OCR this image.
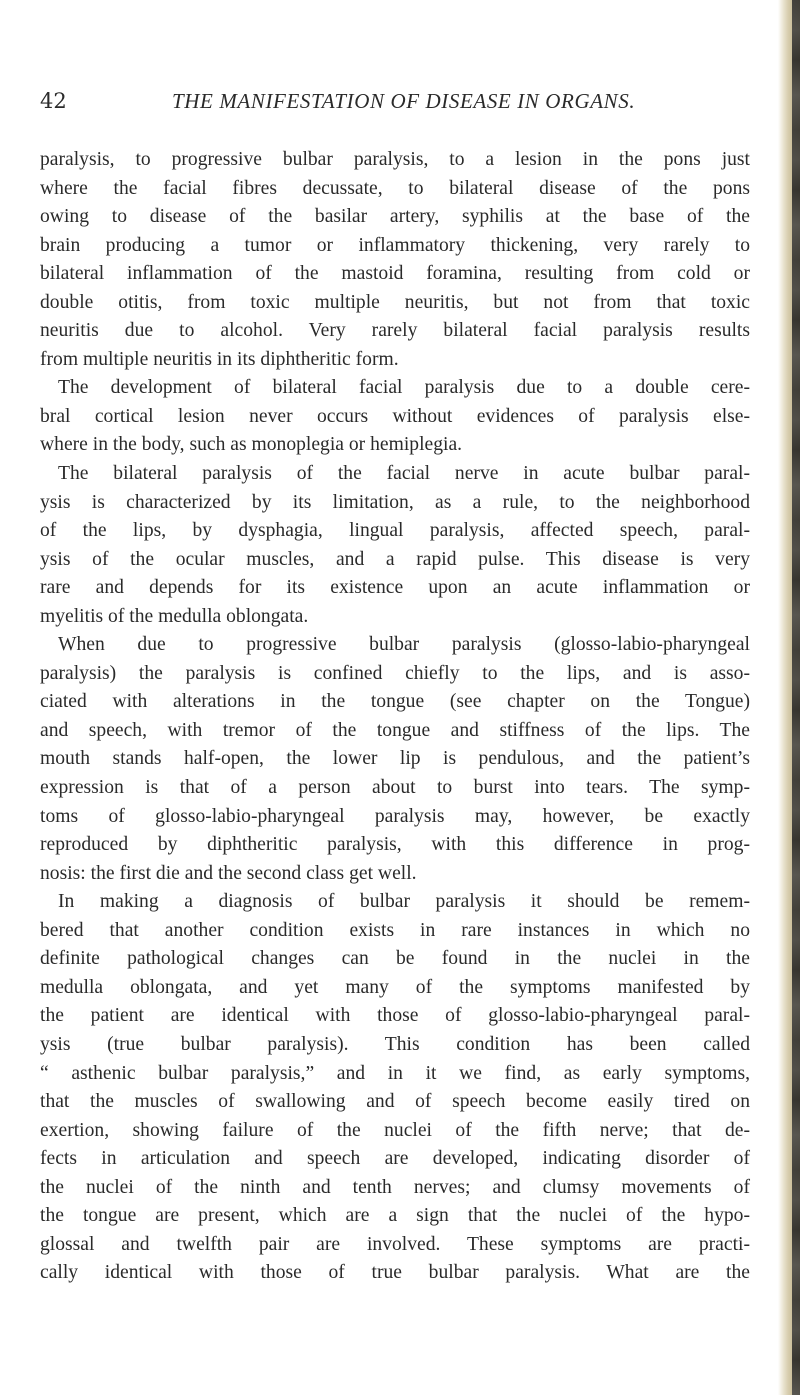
42	THE MANIFESTATION OF DISEASE IN ORGANS.
paralysis, to progressive bulbar paralysis, to a lesion in the pons just
where the facial fibres decussate, to bilateral disease of the pons
owing to disease of the basilar artery, syphilis at the base of the
brain producing a tumor or inflammatory thickening, very rarely to
bilateral inflammation of the mastoid foramina, resulting from cold or
double otitis, from toxic multiple neuritis, but not from that toxic
neuritis due to alcohol. Very rarely bilateral facial paralysis results
from multiple neuritis in its diphtheritic form.
The development of bilateral facial paralysis due to a double cere-
bral cortical lesion never occurs without evidences of paralysis else-
where in the body, such as monoplegia or hemiplegia.
The bilateral paralysis of the facial nerve in acute bulbar paral-
ysis is characterized by its limitation, as a rule, to the neighborhood
of the lips, by dysphagia, lingual paralysis, affected speech, paral-
ysis of the ocular muscles, and a rapid pulse. This disease is very
rare and depends for its existence upon an acute inflammation or
myelitis of the medulla oblongata.
When due to progressive bulbar paralysis (glosso-labio-pharyngeal
paralysis) the paralysis is confined chiefly to the lips, and is asso-
ciated with alterations in the tongue (see chapter on the Tongue)
and speech, with tremor of the tongue and stiffness of the lips. The
mouth stands half-open, the lower lip is pendulous, and the patient’s
expression is that of a person about to burst into tears. The symp-
toms of glosso-labio-pharyngeal paralysis may, however, be exactly
reproduced by diphtheritic paralysis, with this difference in prog-
nosis: the first die and the second class get well.
In making a diagnosis of bulbar paralysis it should be remem-
bered that another condition exists in rare instances in which no
definite pathological changes can be found in the nuclei in the
medulla oblongata, and yet many of the symptoms manifested by
the patient are identical with those of glosso-labio-pharyngeal paral-
ysis (true bulbar paralysis). This condition has been called
“ asthenic bulbar paralysis,” and in it we find, as early symptoms,
that the muscles of swallowing and of speech become easily tired on
exertion, showing failure of the nuclei of the fifth nerve; that de-
fects in articulation and speech are developed, indicating disorder of
the nuclei of the ninth and tenth nerves; and clumsy movements of
the tongue are present, which are a sign that the nuclei of the hypo-
glossal and twelfth pair are involved. These symptoms are practi-
cally identical with those of true bulbar paralysis. What are the
